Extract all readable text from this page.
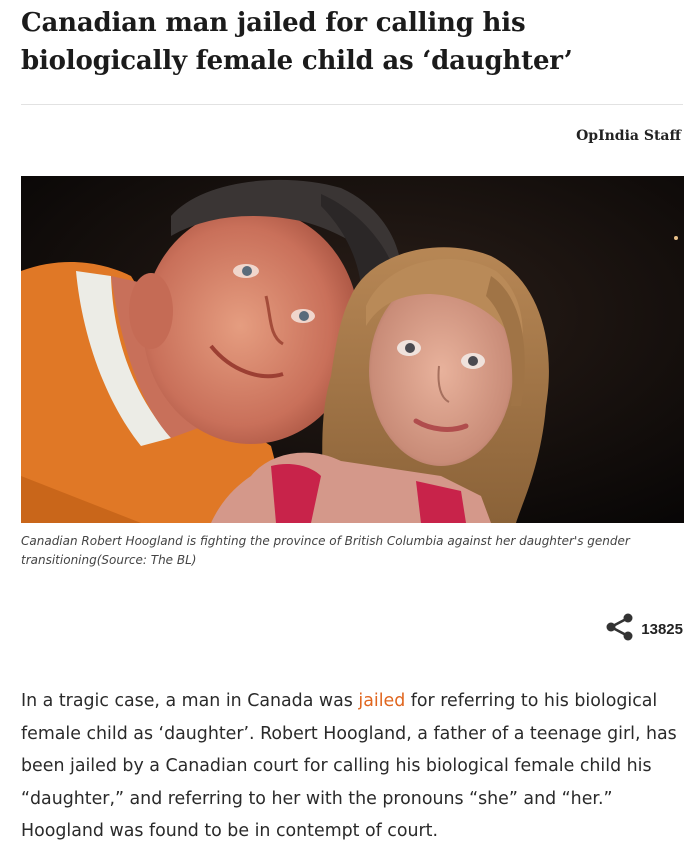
Canadian man jailed for calling his biologically female child as ‘daughter’
OpIndia Staff
Canadian Robert Hoogland is fighting the province of British Columbia against her daughter's gender transitioning(Source: The BL)
13825

In a tragic case, a man in Canada was jailed for referring to his biological female child as ‘daughter’. Robert Hoogland, a father of a teenage girl, has been jailed by a Canadian court for calling his biological female child his “daughter,” and referring to her with the pronouns “she” and “her.” Hoogland was found to be in contempt of court.
